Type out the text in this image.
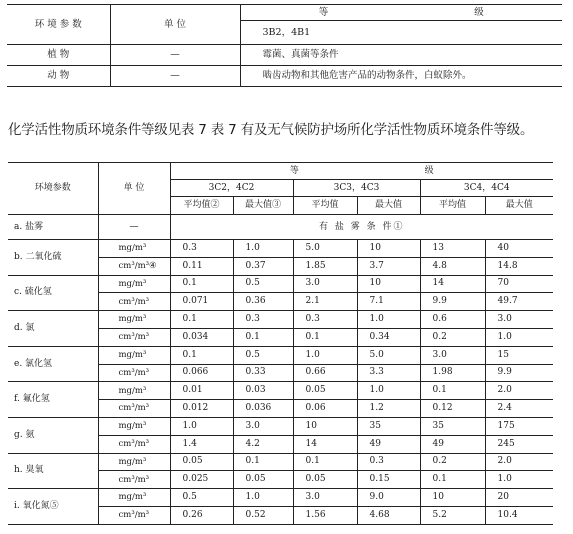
环 境 参 数	单 位	等 级
		3B2，4B1
植 物	—	霉菌、真菌等条件
动 物	—	啮齿动物和其他危害产品的动物条件，白蚁除外。
化学活性物质环境条件等级见表 7 表 7 有及无气候防护场所化学活性物质环境条件等级。
环境参数	单 位	等 级					
		3C2，4C2		3C3，4C3		3C4，4C4	
		平均值②	最大值③	平均值	最大值	平均值	最大值
a. 盐雾	—	有 盐 雾 条 件①					
b. 二氧化硫	mg/m³	0.3	1.0	5.0	10	13	40
	cm³/m³④	0.11	0.37	1.85	3.7	4.8	14.8
c. 硫化氢	mg/m³	0.1	0.5	3.0	10	14	70
	cm³/m³	0.071	0.36	2.1	7.1	9.9	49.7
d. 氯	mg/m³	0.1	0.3	0.3	1.0	0.6	3.0
	cm³/m³	0.034	0.1	0.1	0.34	0.2	1.0
e. 氯化氢	mg/m³	0.1	0.5	1.0	5.0	3.0	15
	cm³/m³	0.066	0.33	0.66	3.3	1.98	9.9
f. 氟化氢	mg/m³	0.01	0.03	0.05	1.0	0.1	2.0
	cm³/m³	0.012	0.036	0.06	1.2	0.12	2.4
g. 氨	mg/m³	1.0	3.0	10	35	35	175
	cm³/m³	1.4	4.2	14	49	49	245
h. 臭氧	mg/m³	0.05	0.1	0.1	0.3	0.2	2.0
	cm³/m³	0.025	0.05	0.05	0.15	0.1	1.0
i. 氧化氮⑤	mg/m³	0.5	1.0	3.0	9.0	10	20
	cm³/m³	0.26	0.52	1.56	4.68	5.2	10.4
